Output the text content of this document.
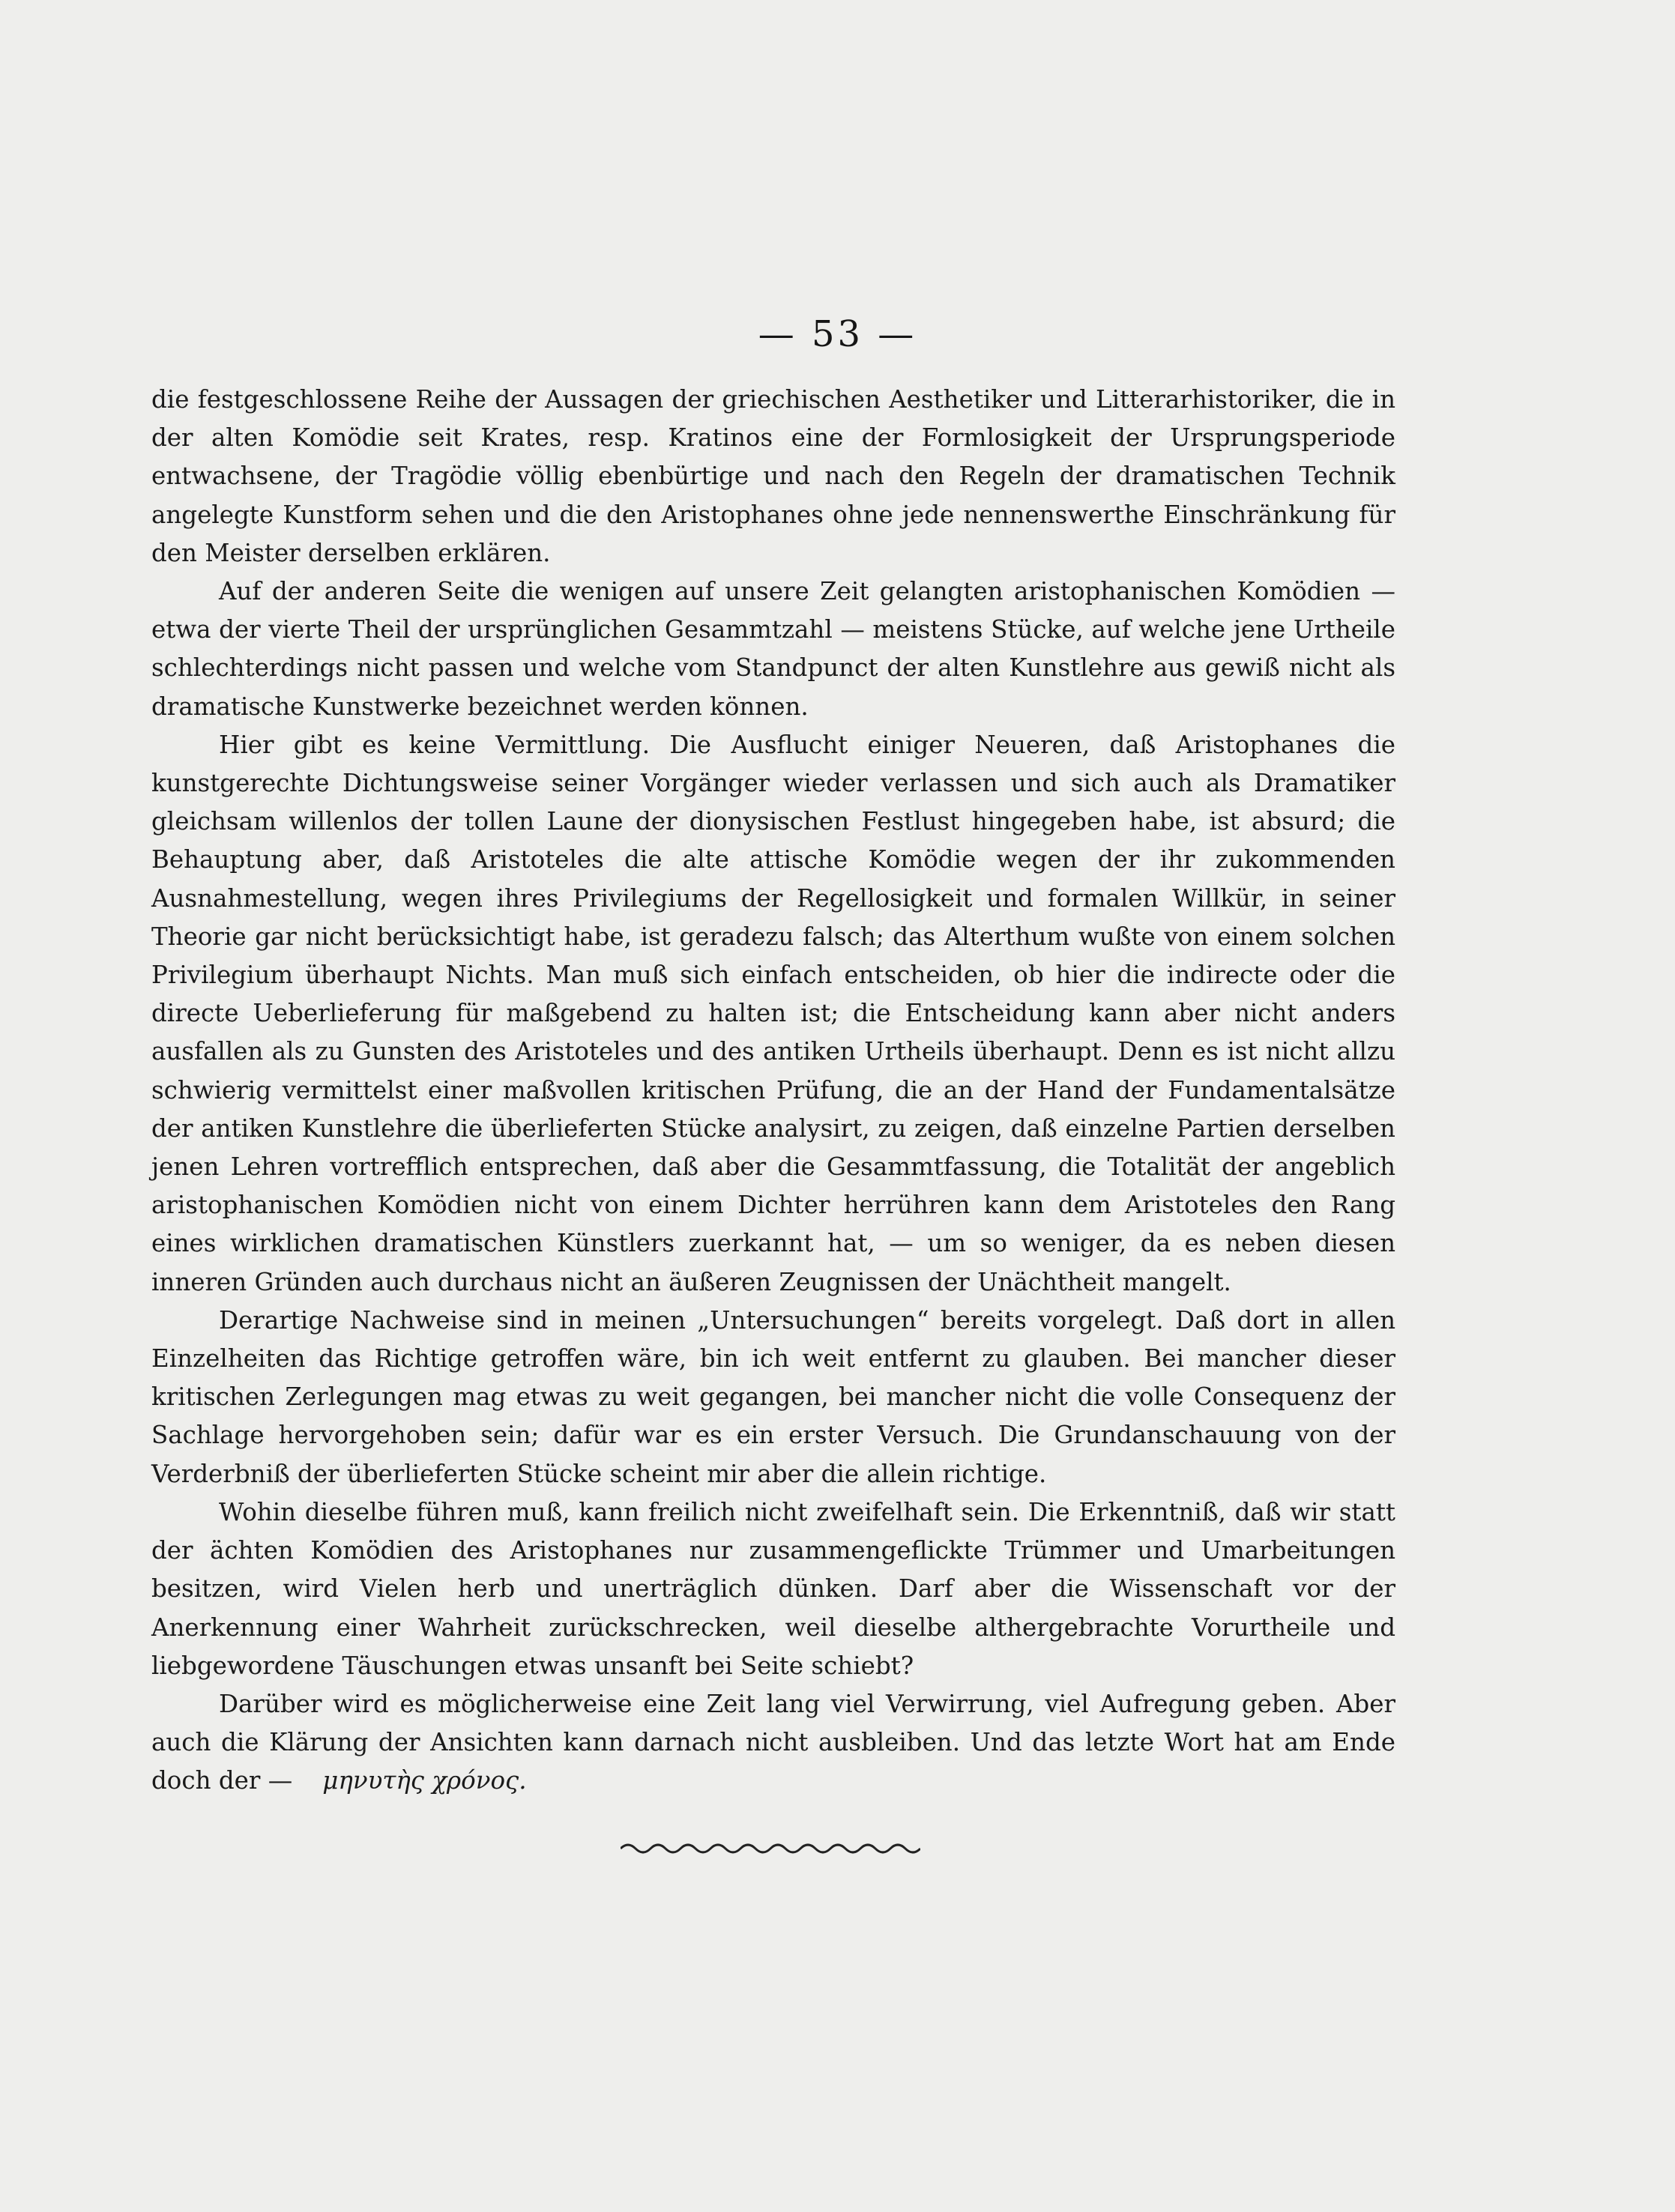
— 53 —

die festgeschlossene Reihe der Aussagen der griechischen Aesthetiker und Litterarhistoriker, die in der alten Komödie seit Krates, resp. Kratinos eine der Formlosigkeit der Ursprungsperiode entwachsene, der Tragödie völlig ebenbürtige und nach den Regeln der dramatischen Technik angelegte Kunstform sehen und die den Aristophanes ohne jede nennenswerthe Einschränkung für den Meister derselben erklären.

Auf der anderen Seite die wenigen auf unsere Zeit gelangten aristophanischen Komödien — etwa der vierte Theil der ursprünglichen Gesammtzahl — meistens Stücke, auf welche jene Urtheile schlechterdings nicht passen und welche vom Standpunct der alten Kunstlehre aus gewiß nicht als dramatische Kunstwerke bezeichnet werden können.

Hier gibt es keine Vermittlung. Die Ausflucht einiger Neueren, daß Aristophanes die kunstgerechte Dichtungsweise seiner Vorgänger wieder verlassen und sich auch als Dramatiker gleichsam willenlos der tollen Laune der dionysischen Festlust hingegeben habe, ist absurd; die Behauptung aber, daß Aristoteles die alte attische Komödie wegen der ihr zukommenden Ausnahmestellung, wegen ihres Privilegiums der Regellosigkeit und formalen Willkür, in seiner Theorie gar nicht berücksichtigt habe, ist geradezu falsch; das Alterthum wußte von einem solchen Privilegium überhaupt Nichts. Man muß sich einfach entscheiden, ob hier die indirecte oder die directe Ueberlieferung für maßgebend zu halten ist; die Entscheidung kann aber nicht anders ausfallen als zu Gunsten des Aristoteles und des antiken Urtheils überhaupt. Denn es ist nicht allzu schwierig vermittelst einer maßvollen kritischen Prüfung, die an der Hand der Fundamentalsätze der antiken Kunstlehre die überlieferten Stücke analysirt, zu zeigen, daß einzelne Partien derselben jenen Lehren vortrefflich entsprechen, daß aber die Gesammtfassung, die Totalität der angeblich aristophanischen Komödien nicht von einem Dichter herrühren kann dem Aristoteles den Rang eines wirklichen dramatischen Künstlers zuerkannt hat, — um so weniger, da es neben diesen inneren Gründen auch durchaus nicht an äußeren Zeugnissen der Unächtheit mangelt.

Derartige Nachweise sind in meinen „Untersuchungen“ bereits vorgelegt. Daß dort in allen Einzelheiten das Richtige getroffen wäre, bin ich weit entfernt zu glauben. Bei mancher dieser kritischen Zerlegungen mag etwas zu weit gegangen, bei mancher nicht die volle Consequenz der Sachlage hervorgehoben sein; dafür war es ein erster Versuch. Die Grundanschauung von der Verderbniß der überlieferten Stücke scheint mir aber die allein richtige.

Wohin dieselbe führen muß, kann freilich nicht zweifelhaft sein. Die Erkenntniß, daß wir statt der ächten Komödien des Aristophanes nur zusammengeflickte Trümmer und Umarbeitungen besitzen, wird Vielen herb und unerträglich dünken. Darf aber die Wissenschaft vor der Anerkennung einer Wahrheit zurückschrecken, weil dieselbe althergebrachte Vorurtheile und liebgewordene Täuschungen etwas unsanft bei Seite schiebt?

Darüber wird es möglicherweise eine Zeit lang viel Verwirrung, viel Aufregung geben. Aber auch die Klärung der Ansichten kann darnach nicht ausbleiben. Und das letzte Wort hat am Ende doch der — μηνυτὴς χρόνος.
